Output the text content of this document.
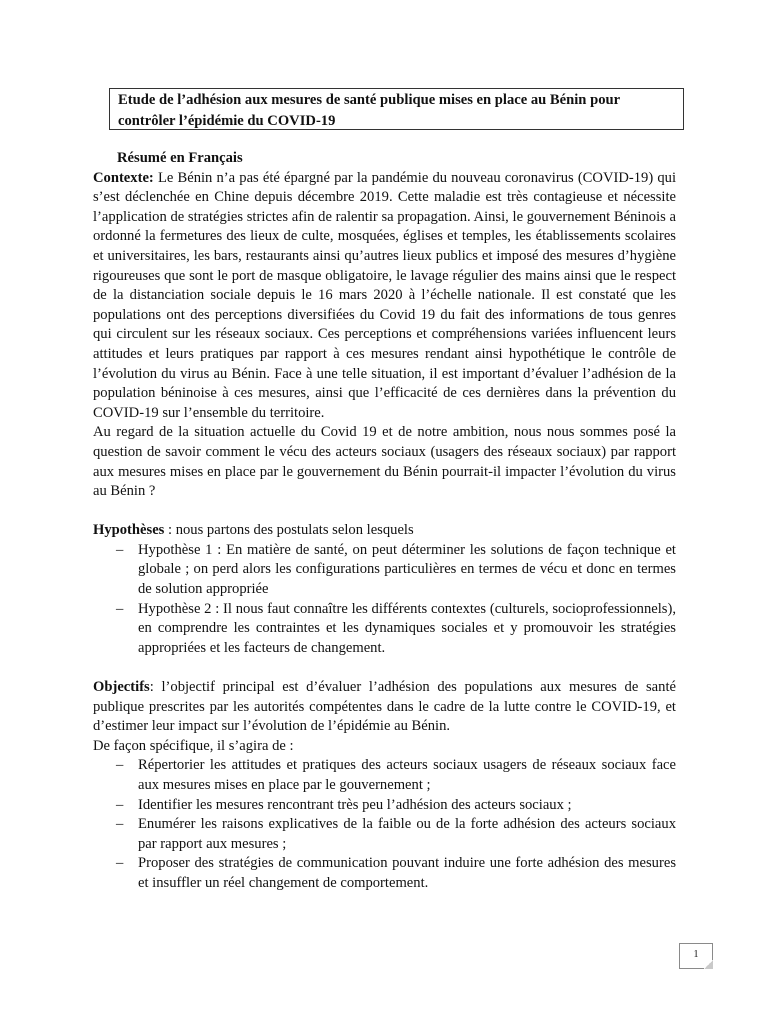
Etude de l’adhésion aux mesures de santé publique mises en place au Bénin pour

contrôler l’épidémie du COVID-19

Résumé en Français

Contexte: Le Bénin n’a pas été épargné par la pandémie du nouveau coronavirus (COVID-19) qui s’est déclenchée en Chine depuis décembre 2019. Cette maladie est très contagieuse et nécessite l’application de stratégies strictes afin de ralentir sa propagation. Ainsi, le gouvernement Béninois a ordonné la fermetures des lieux de culte, mosquées, églises et temples, les établissements scolaires et universitaires, les bars, restaurants ainsi qu’autres lieux publics et imposé des mesures d’hygiène rigoureuses que sont le port de masque obligatoire, le lavage régulier des mains ainsi que le respect de la distanciation sociale depuis le 16 mars 2020 à l’échelle nationale. Il est constaté que les populations ont des perceptions diversifiées du Covid 19 du fait des informations de tous genres qui circulent sur les réseaux sociaux. Ces perceptions et compréhensions variées influencent leurs attitudes et leurs pratiques par rapport à ces mesures rendant ainsi hypothétique le contrôle de l’évolution du virus au Bénin. Face à une telle situation, il est important d’évaluer l’adhésion de la population béninoise à ces mesures, ainsi que l’efficacité de ces dernières dans la prévention du COVID-19 sur l’ensemble du territoire.

Au regard de la situation actuelle du Covid 19 et de notre ambition, nous nous sommes posé la question de savoir comment le vécu des acteurs sociaux (usagers des réseaux sociaux) par rapport aux mesures mises en place par le gouvernement du Bénin pourrait-il impacter l’évolution du virus au Bénin ?

Hypothèses : nous partons des postulats selon lesquels

– Hypothèse 1 : En matière de santé, on peut déterminer les solutions de façon technique et globale ; on perd alors les configurations particulières en termes de vécu et donc en termes de solution appropriée
– Hypothèse 2 : Il nous faut connaître les différents contextes (culturels, socioprofessionnels), en comprendre les contraintes et les dynamiques sociales et y promouvoir les stratégies appropriées et les facteurs de changement.

Objectifs: l’objectif principal est d’évaluer l’adhésion des populations aux mesures de santé publique prescrites par les autorités compétentes dans le cadre de la lutte contre le COVID-19, et d’estimer leur impact sur l’évolution de l’épidémie au Bénin.

De façon spécifique, il s’agira de :

– Répertorier les attitudes et pratiques des acteurs sociaux usagers de réseaux sociaux face aux mesures mises en place par le gouvernement ;
– Identifier les mesures rencontrant très peu l’adhésion des acteurs sociaux ;
– Enumérer les raisons explicatives de la faible ou de la forte adhésion des acteurs sociaux par rapport aux mesures ;
– Proposer des stratégies de communication pouvant induire une forte adhésion des mesures et insuffler un réel changement de comportement.
1
